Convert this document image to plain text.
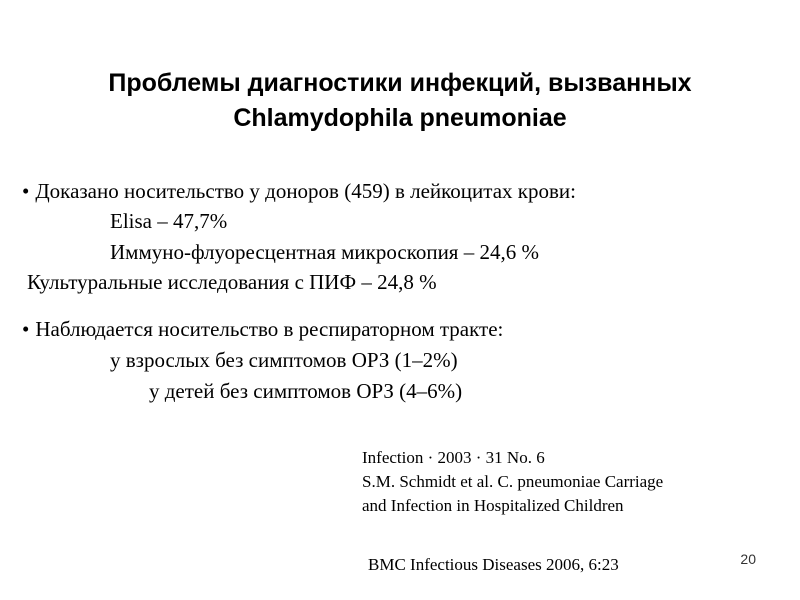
Проблемы диагностики инфекций, вызванных
Chlamydophila pneumoniae
• Доказано носительство у доноров (459) в лейкоцитах крови:
Elisa – 47,7%
Иммуно-флуоресцентная микроскопия – 24,6 %
Культуральные исследования с ПИФ – 24,8 %
• Наблюдается носительство в респираторном тракте:
у взрослых без симптомов ОРЗ (1–2%)
у детей без симптомов ОРЗ (4–6%)
Infection · 2003 · 31 No. 6
S.M. Schmidt et al. C. pneumoniae Carriage
and Infection in Hospitalized Children
BMC Infectious Diseases 2006, 6:23	20
